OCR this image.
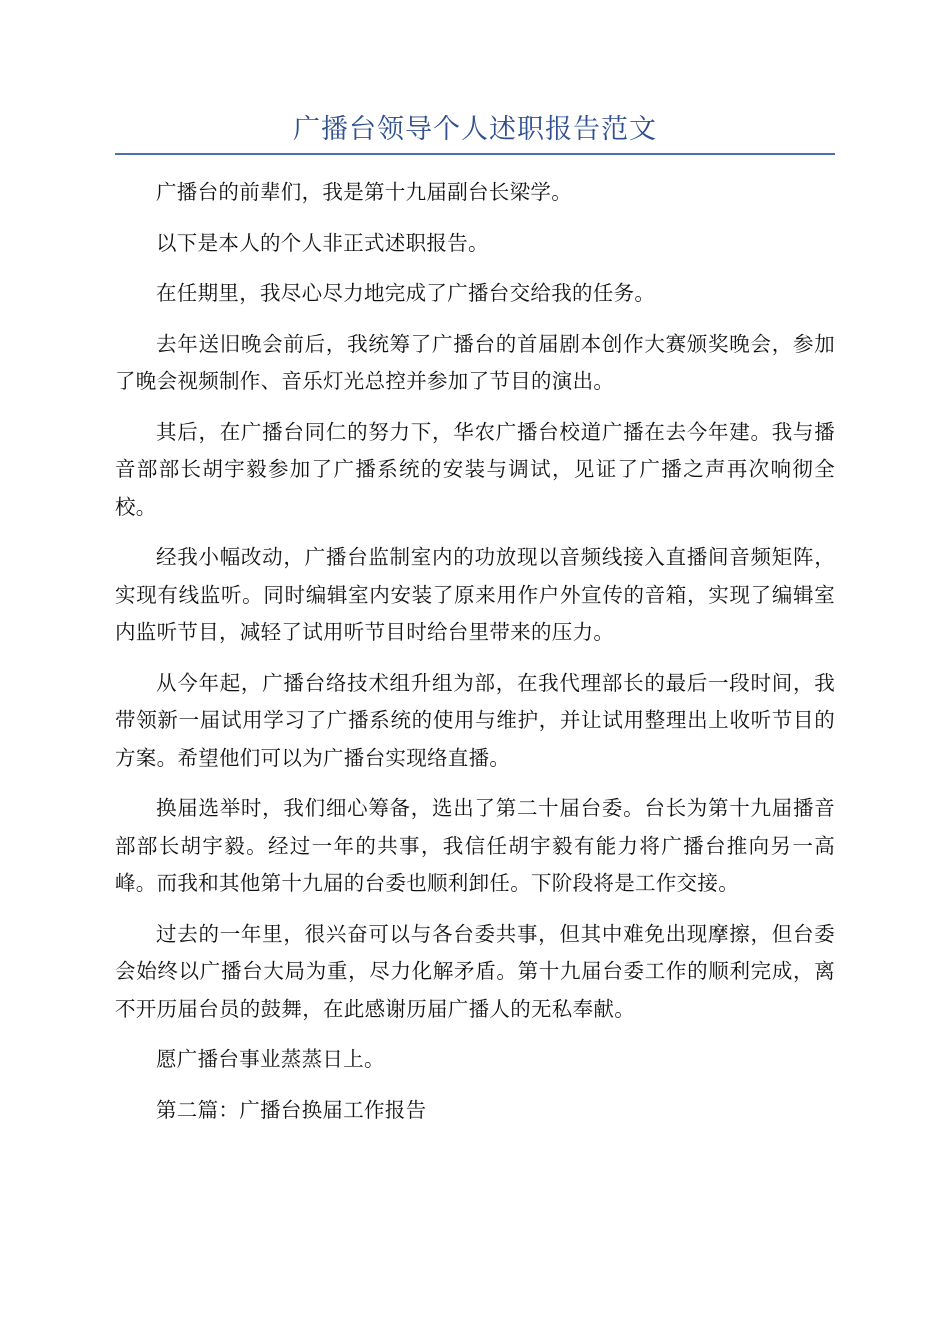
广播台领导个人述职报告范文

广播台的前辈们，我是第十九届副台长梁学。

以下是本人的个人非正式述职报告。

在任期里，我尽心尽力地完成了广播台交给我的任务。

去年送旧晚会前后，我统筹了广播台的首届剧本创作大赛颁奖晚会，参加了晚会视频制作、音乐灯光总控并参加了节目的演出。

其后，在广播台同仁的努力下，华农广播台校道广播在去今年建。我与播音部部长胡宇毅参加了广播系统的安装与调试，见证了广播之声再次响彻全校。

经我小幅改动，广播台监制室内的功放现以音频线接入直播间音频矩阵，实现有线监听。同时编辑室内安装了原来用作户外宣传的音箱，实现了编辑室内监听节目，减轻了试用听节目时给台里带来的压力。

从今年起，广播台络技术组升组为部，在我代理部长的最后一段时间，我带领新一届试用学习了广播系统的使用与维护，并让试用整理出上收听节目的方案。希望他们可以为广播台实现络直播。

换届选举时，我们细心筹备，选出了第二十届台委。台长为第十九届播音部部长胡宇毅。经过一年的共事，我信任胡宇毅有能力将广播台推向另一高峰。而我和其他第十九届的台委也顺利卸任。下阶段将是工作交接。

过去的一年里，很兴奋可以与各台委共事，但其中难免出现摩擦，但台委会始终以广播台大局为重，尽力化解矛盾。第十九届台委工作的顺利完成，离不开历届台员的鼓舞，在此感谢历届广播人的无私奉献。

愿广播台事业蒸蒸日上。

第二篇：广播台换届工作报告
